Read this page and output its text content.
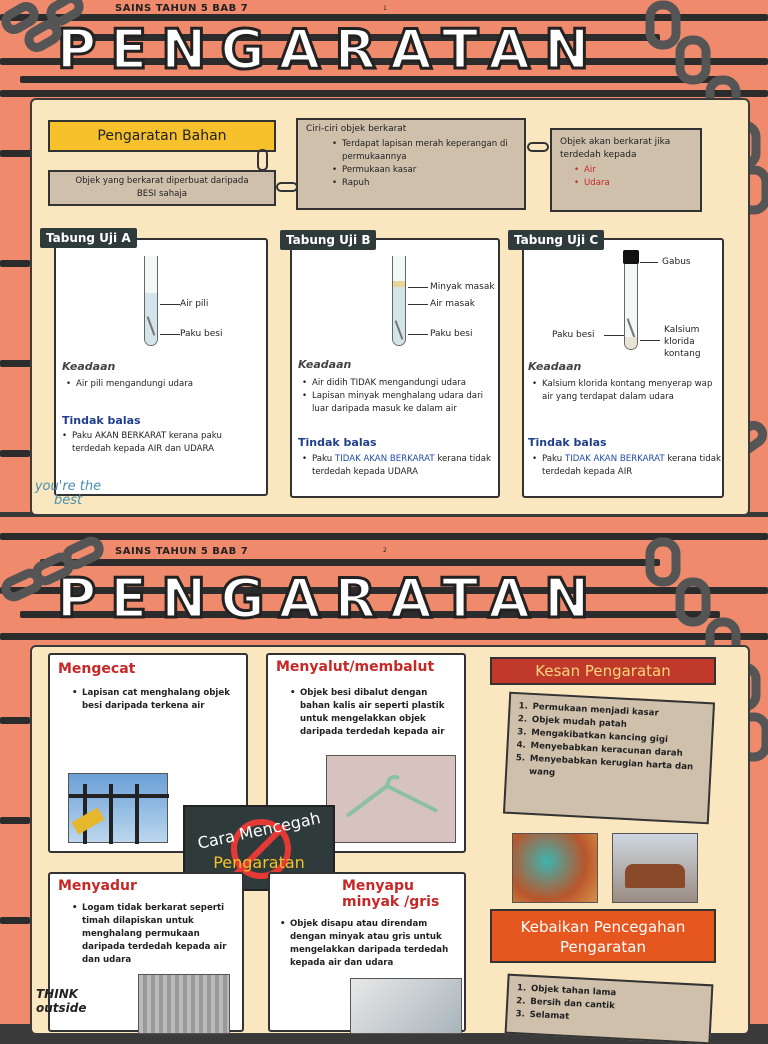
SAINS TAHUN 5 BAB 7	1
PENGARATAN
Pengaratan Bahan
Objek yang berkarat diperbuat daripada BESI sahaja
Ciri-ciri objek berkarat
• Terdapat lapisan merah keperangan di permukaannya
• Permukaan kasar
• Rapuh
Objek akan berkarat jika terdedah kepada
• Air
• Udara
Air pili
Paku besi
Keadaan
• Air pili mengandungi udara
Tindak balas
• Paku AKAN BERKARAT kerana paku terdedah kepada AIR dan UDARA
Tabung Uji A
Minyak masak
Air masak
Paku besi
Keadaan
• Air didih TIDAK mengandungi udara
• Lapisan minyak menghalang udara dari luar daripada masuk ke dalam air
Tindak balas
• Paku TIDAK AKAN BERKARAT kerana tidak terdedah kepada UDARA
Tabung Uji B
Gabus
Paku besi	Kalsium klorida kontang
Keadaan
• Kalsium klorida kontang menyerap wap air yang terdapat dalam udara
Tindak balas
• Paku TIDAK AKAN BERKARAT kerana tidak terdedah kepada AIR
Tabung Uji C
you're the best
SAINS TAHUN 5 BAB 7	2
PENGARATAN
Mengecat
• Lapisan cat menghalang objek besi daripada terkena air
Menyalut/membalut
• Objek besi dibalut dengan bahan kalis air seperti plastik untuk mengelakkan objek daripada terdedah kepada air
Cara Mencegah
Pengaratan
Menyadur
• Logam tidak berkarat seperti timah dilapiskan untuk menghalang permukaan daripada terdedah kepada air dan udara
Menyapu minyak /gris
• Objek disapu atau direndam dengan minyak atau gris untuk mengelakkan daripada terdedah kepada air dan udara
THINK outside
Kesan Pengaratan
Permukaan menjadi kasar
Objek mudah patah
Mengakibatkan kancing gigi
Menyebabkan keracunan darah
Menyebabkan kerugian harta dan wang
Kebaikan Pencegahan Pengaratan
Objek tahan lama
Bersih dan cantik
Selamat
